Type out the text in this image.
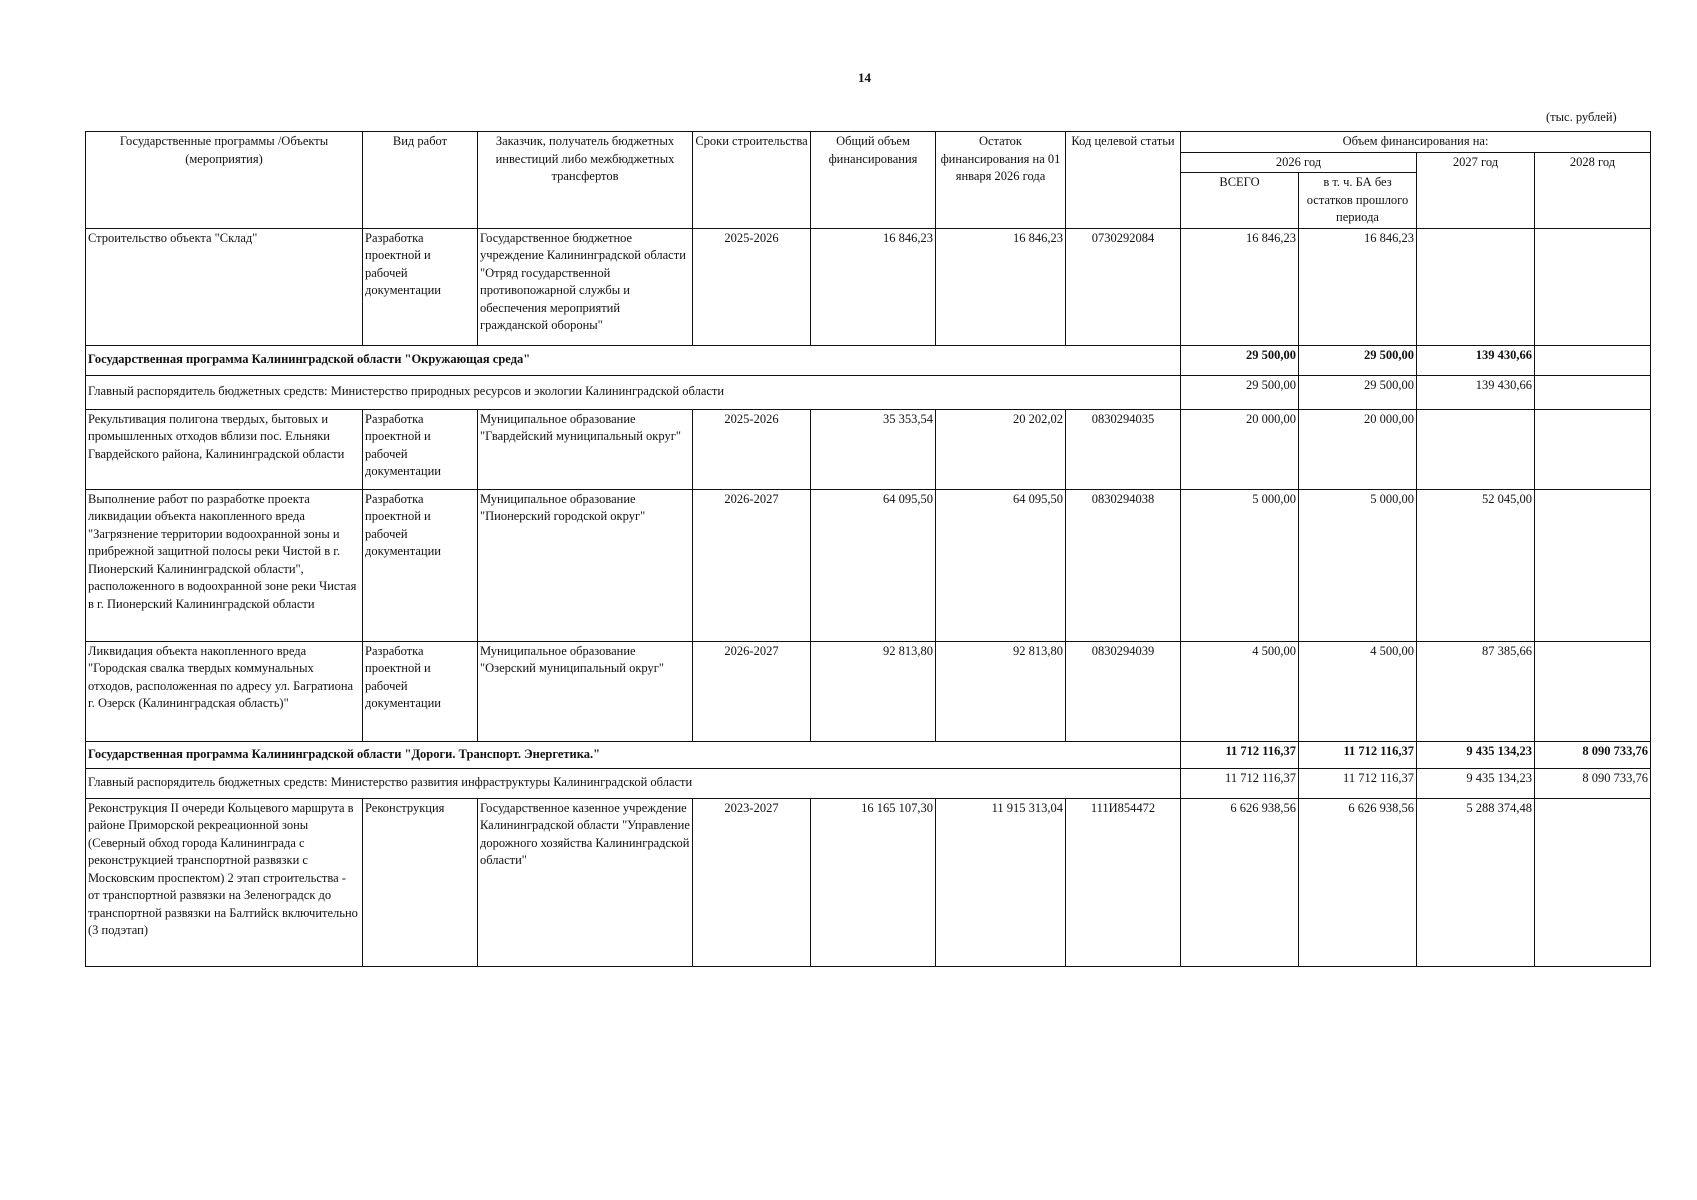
14
(тыс. рублей)
Государственные программы /Объекты (мероприятия)	Вид работ	Заказчик, получатель бюджетных инвестиций либо межбюджетных трансфертов	Сроки строительства	Общий объем финансирования	Остаток финансирования на 01 января 2026 года	Код целевой статьи	Объем финансирования на:			
							2026 год		2027 год	2028 год
							ВСЕГО	в т. ч. БА без остатков прошлого периода		
Строительство объекта "Склад"	Разработка проектной и рабочей документации	Государственное бюджетное учреждение Калининградской области "Отряд государственной противопожарной службы и обеспечения мероприятий гражданской обороны"	2025-2026	16 846,23	16 846,23	0730292084	16 846,23	16 846,23		
Государственная программа Калининградской области "Окружающая среда"							29 500,00	29 500,00	139 430,66	
Главный распорядитель бюджетных средств: Министерство природных ресурсов и экологии Калининградской области							29 500,00	29 500,00	139 430,66	
Рекультивация полигона твердых, бытовых и промышленных отходов вблизи пос. Ельняки Гвардейского района, Калининградской области	Разработка проектной и рабочей документации	Муниципальное образование "Гвардейский муниципальный округ"	2025-2026	35 353,54	20 202,02	0830294035	20 000,00	20 000,00		
Выполнение работ по разработке проекта ликвидации объекта накопленного вреда "Загрязнение территории водоохранной зоны и прибрежной защитной полосы реки Чистой в г. Пионерский Калининградской области", расположенного в водоохранной зоне реки Чистая в г. Пионерский Калининградской области	Разработка проектной и рабочей документации	Муниципальное образование "Пионерский городской округ"	2026-2027	64 095,50	64 095,50	0830294038	5 000,00	5 000,00	52 045,00	
Ликвидация объекта накопленного вреда "Городская свалка твердых коммунальных отходов, расположенная по адресу ул. Багратиона г. Озерск (Калининградская область)"	Разработка проектной и рабочей документации	Муниципальное образование "Озерский муниципальный округ"	2026-2027	92 813,80	92 813,80	0830294039	4 500,00	4 500,00	87 385,66	
Государственная программа Калининградской области "Дороги. Транспорт. Энергетика."							11 712 116,37	11 712 116,37	9 435 134,23	8 090 733,76
Главный распорядитель бюджетных средств: Министерство развития инфраструктуры Калининградской области							11 712 116,37	11 712 116,37	9 435 134,23	8 090 733,76
Реконструкция II очереди Кольцевого маршрута в районе Приморской рекреационной зоны (Северный обход города Калининграда с реконструкцией транспортной развязки с Московским проспектом) 2 этап строительства - от транспортной развязки на Зеленоградск до транспортной развязки на Балтийск включительно (3 подэтап)	Реконструкция	Государственное казенное учреждение Калининградской области "Управление дорожного хозяйства Калининградской области"	2023-2027	16 165 107,30	11 915 313,04	111И854472	6 626 938,56	6 626 938,56	5 288 374,48	
